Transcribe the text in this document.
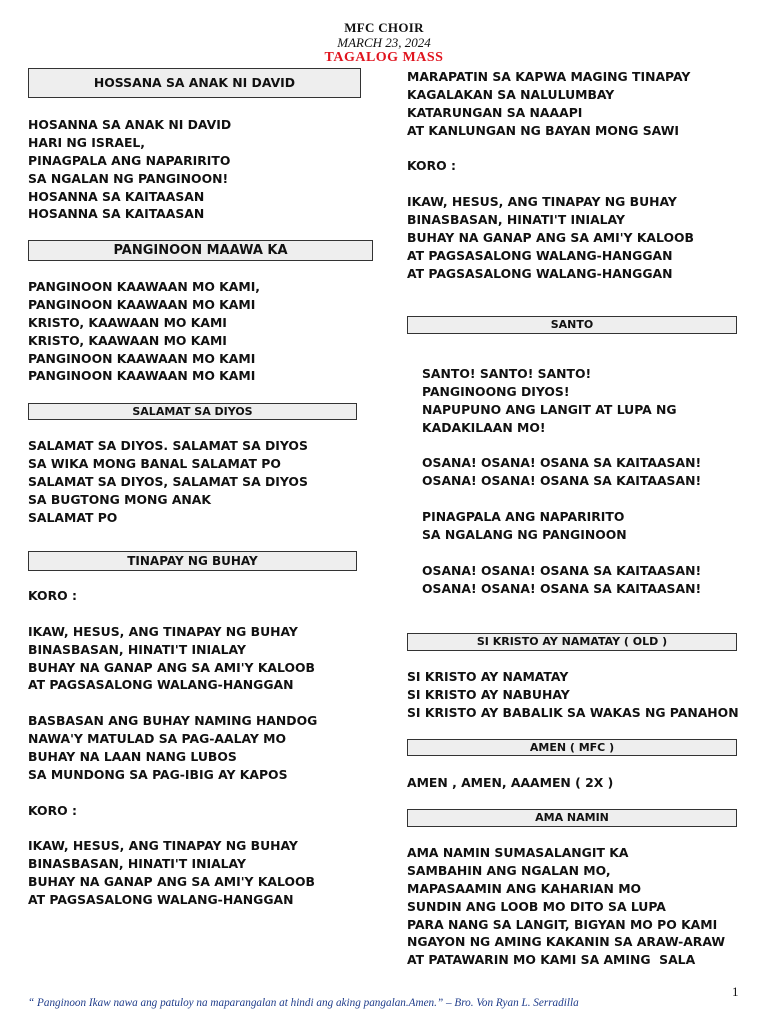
MFC CHOIR
MARCH 23, 2024
TAGALOG MASS
HOSSANA SA ANAK NI DAVID
HOSANNA SA ANAK NI DAVID
HARI NG ISRAEL,
PINAGPALA ANG NAPARIRITO
SA NGALAN NG PANGINOON!
HOSANNA SA KAITAASAN
HOSANNA SA KAITAASAN
PANGINOON MAAWA KA
PANGINOON KAAWAAN MO KAMI,
PANGINOON KAAWAAN MO KAMI
KRISTO, KAAWAAN MO KAMI
KRISTO, KAAWAAN MO KAMI
PANGINOON KAAWAAN MO KAMI
PANGINOON KAAWAAN MO KAMI
SALAMAT SA DIYOS
SALAMAT SA DIYOS. SALAMAT SA DIYOS
SA WIKA MONG BANAL SALAMAT PO
SALAMAT SA DIYOS, SALAMAT SA DIYOS
SA BUGTONG MONG ANAK
SALAMAT PO
TINAPAY NG BUHAY
KORO :
IKAW, HESUS, ANG TINAPAY NG BUHAY
BINASBASAN, HINATI'T INIALAY
BUHAY NA GANAP ANG SA AMI'Y KALOOB
AT PAGSASALONG WALANG-HANGGAN
BASBASAN ANG BUHAY NAMING HANDOG
NAWA'Y MATULAD SA PAG-AALAY MO
BUHAY NA LAAN NANG LUBOS
SA MUNDONG SA PAG-IBIG AY KAPOS
KORO :
IKAW, HESUS, ANG TINAPAY NG BUHAY
BINASBASAN, HINATI'T INIALAY
BUHAY NA GANAP ANG SA AMI'Y KALOOB
AT PAGSASALONG WALANG-HANGGAN
MARAPATIN SA KAPWA MAGING TINAPAY
KAGALAKAN SA NALULUMBAY
KATARUNGAN SA NAAAPI
AT KANLUNGAN NG BAYAN MONG SAWI
KORO :
IKAW, HESUS, ANG TINAPAY NG BUHAY
BINASBASAN, HINATI'T INIALAY
BUHAY NA GANAP ANG SA AMI'Y KALOOB
AT PAGSASALONG WALANG-HANGGAN
AT PAGSASALONG WALANG-HANGGAN
SANTO
SANTO! SANTO! SANTO!
PANGINOONG DIYOS!
NAPUPUNO ANG LANGIT AT LUPA NG
KADAKILAAN MO!
OSANA! OSANA! OSANA SA KAITAASAN!
OSANA! OSANA! OSANA SA KAITAASAN!
PINAGPALA ANG NAPARIRITO
SA NGALANG NG PANGINOON
OSANA! OSANA! OSANA SA KAITAASAN!
OSANA! OSANA! OSANA SA KAITAASAN!
SI KRISTO AY NAMATAY ( OLD )
SI KRISTO AY NAMATAY
SI KRISTO AY NABUHAY
SI KRISTO AY BABALIK SA WAKAS NG PANAHON
AMEN ( MFC )
AMEN , AMEN, AAAMEN ( 2X )
AMA NAMIN
AMA NAMIN SUMASALANGIT KA
SAMBAHIN ANG NGALAN MO,
MAPASAAMIN ANG KAHARIAN MO
SUNDIN ANG LOOB MO DITO SA LUPA
PARA NANG SA LANGIT, BIGYAN MO PO KAMI
NGAYON NG AMING KAKANIN SA ARAW-ARAW
AT PATAWARIN MO KAMI SA AMING  SALA
“ Panginoon Ikaw nawa ang patuloy na maparangalan at hindi ang aking pangalan.Amen.” – Bro. Von Ryan L. Serradilla
1
